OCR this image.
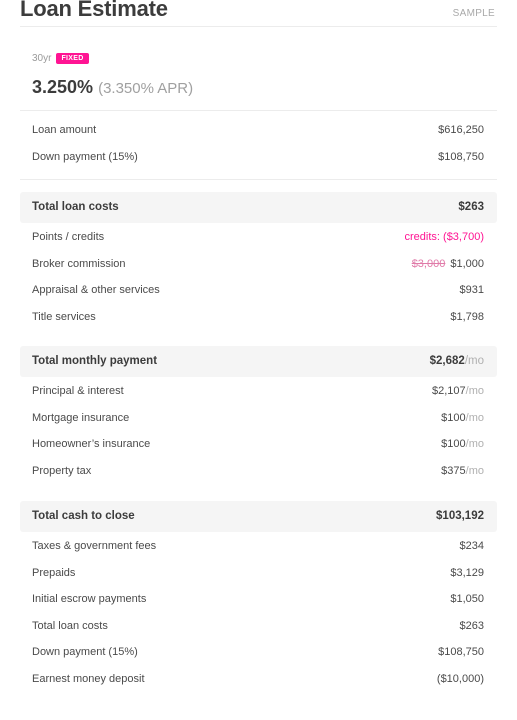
Loan Estimate	SAMPLE
30yr	FIXED
3.250% (3.350% APR)
Loan amount	$616,250
Down payment (15%)	$108,750
Total loan costs	$263
Points / credits	credits: ($3,700)
Broker commission	$3,000 $1,000
Appraisal & other services	$931
Title services	$1,798
Total monthly payment	$2,682/mo
Principal & interest	$2,107/mo
Mortgage insurance	$100/mo
Homeowner’s insurance	$100/mo
Property tax	$375/mo
Total cash to close	$103,192
Taxes & government fees	$234
Prepaids	$3,129
Initial escrow payments	$1,050
Total loan costs	$263
Down payment (15%)	$108,750
Earnest money deposit	($10,000)
